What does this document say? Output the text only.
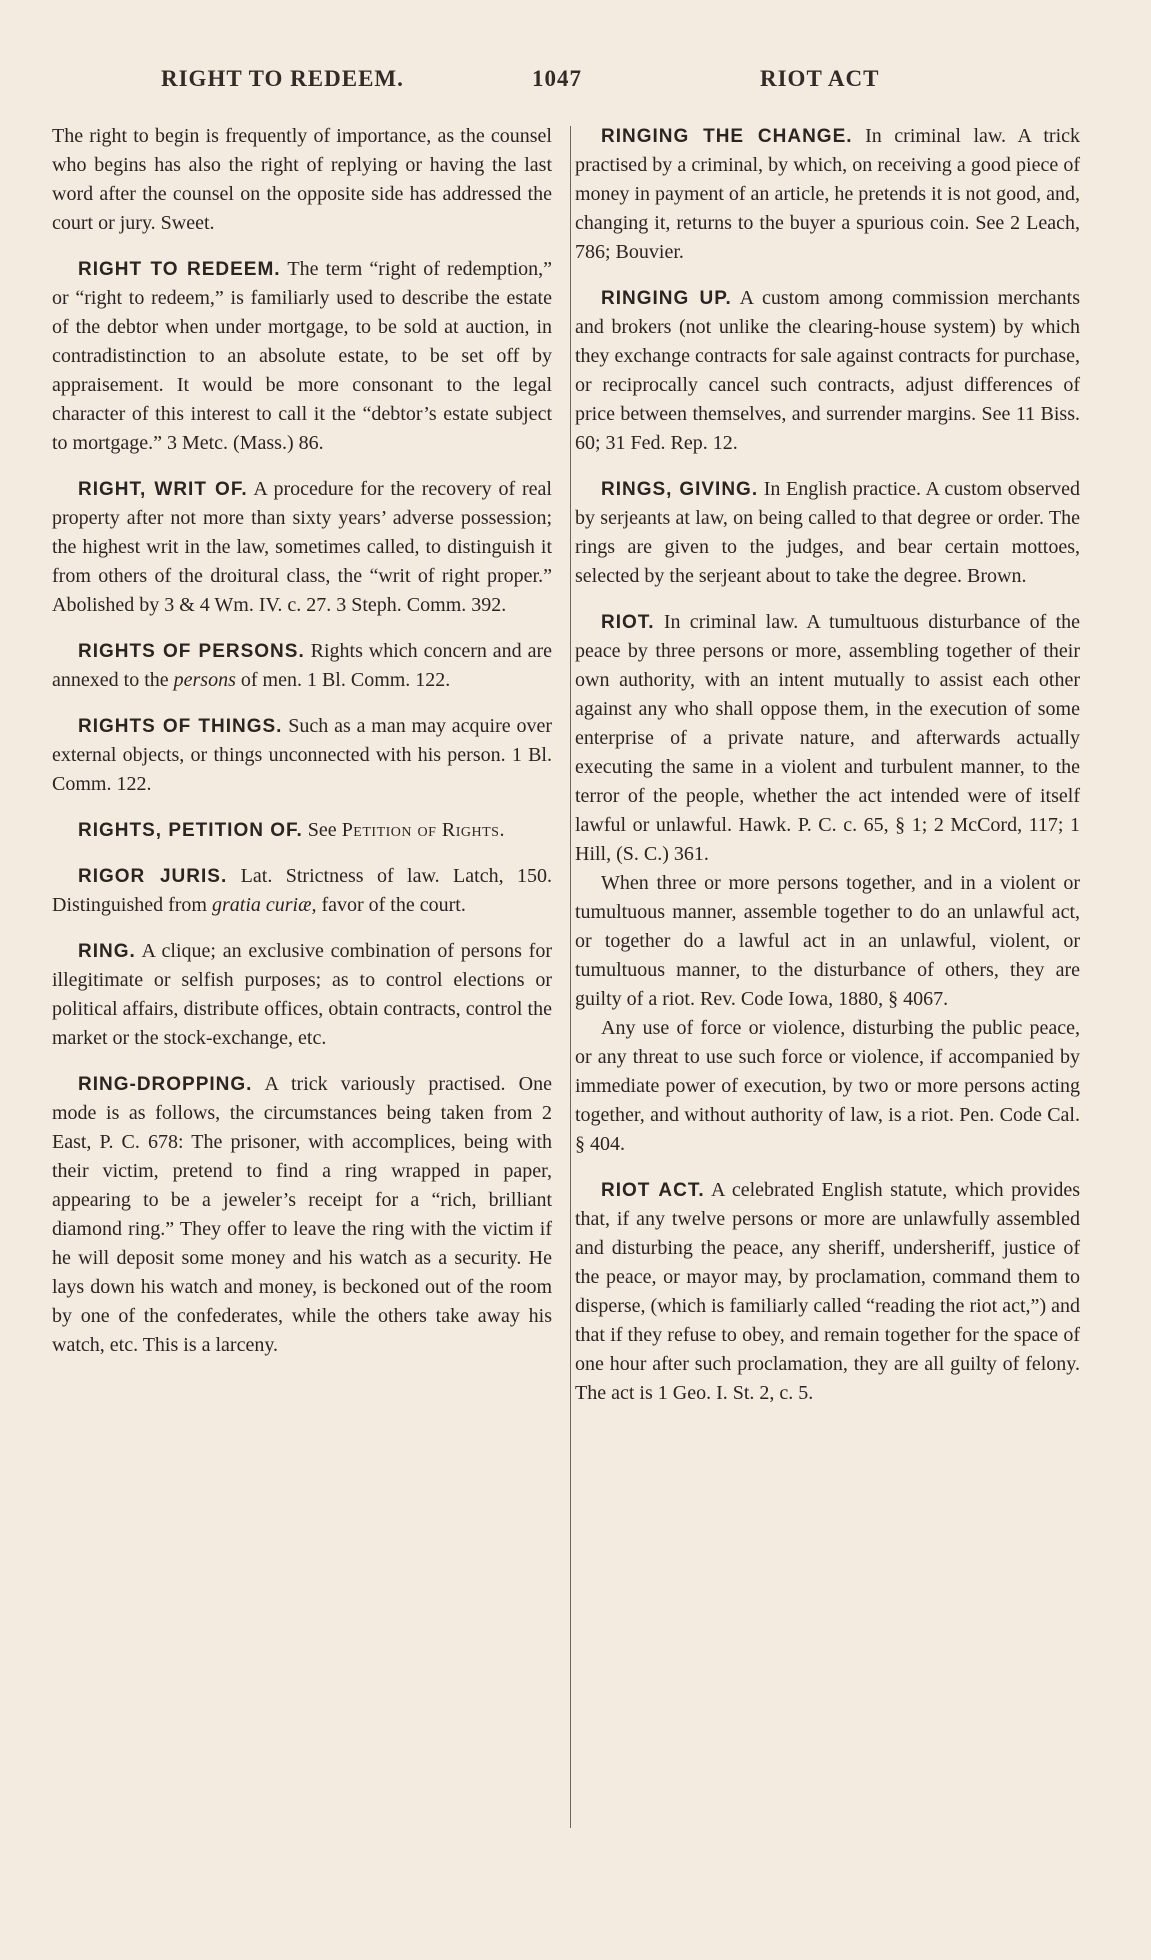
RIGHT TO REDEEM.	1047	RIOT ACT

The right to begin is frequently of importance, as the counsel who begins has also the right of replying or having the last word after the counsel on the opposite side has addressed the court or jury. Sweet.

RIGHT TO REDEEM. The term “right of redemption,” or “right to redeem,” is familiarly used to describe the estate of the debtor when under mortgage, to be sold at auction, in contradistinction to an absolute estate, to be set off by appraisement. It would be more consonant to the legal character of this interest to call it the “debtor’s estate subject to mortgage.” 3 Metc. (Mass.) 86.

RIGHT, WRIT OF. A procedure for the recovery of real property after not more than sixty years’ adverse possession; the highest writ in the law, sometimes called, to distinguish it from others of the droitural class, the “writ of right proper.” Abolished by 3 & 4 Wm. IV. c. 27. 3 Steph. Comm. 392.

RIGHTS OF PERSONS. Rights which concern and are annexed to the persons of men. 1 Bl. Comm. 122.

RIGHTS OF THINGS. Such as a man may acquire over external objects, or things unconnected with his person. 1 Bl. Comm. 122.

RIGHTS, PETITION OF. See Petition of Rights.

RIGOR JURIS. Lat. Strictness of law. Latch, 150. Distinguished from gratia curiæ, favor of the court.

RING. A clique; an exclusive combination of persons for illegitimate or selfish purposes; as to control elections or political affairs, distribute offices, obtain contracts, control the market or the stock-exchange, etc.

RING-DROPPING. A trick variously practised. One mode is as follows, the circumstances being taken from 2 East, P. C. 678: The prisoner, with accomplices, being with their victim, pretend to find a ring wrapped in paper, appearing to be a jeweler’s receipt for a “rich, brilliant diamond ring.” They offer to leave the ring with the victim if he will deposit some money and his watch as a security. He lays down his watch and money, is beckoned out of the room by one of the confederates, while the others take away his watch, etc. This is a larceny.

RINGING THE CHANGE. In criminal law. A trick practised by a criminal, by which, on receiving a good piece of money in payment of an article, he pretends it is not good, and, changing it, returns to the buyer a spurious coin. See 2 Leach, 786; Bouvier.

RINGING UP. A custom among commission merchants and brokers (not unlike the clearing-house system) by which they exchange contracts for sale against contracts for purchase, or reciprocally cancel such contracts, adjust differences of price between themselves, and surrender margins. See 11 Biss. 60; 31 Fed. Rep. 12.

RINGS, GIVING. In English practice. A custom observed by serjeants at law, on being called to that degree or order. The rings are given to the judges, and bear certain mottoes, selected by the serjeant about to take the degree. Brown.

RIOT. In criminal law. A tumultuous disturbance of the peace by three persons or more, assembling together of their own authority, with an intent mutually to assist each other against any who shall oppose them, in the execution of some enterprise of a private nature, and afterwards actually executing the same in a violent and turbulent manner, to the terror of the people, whether the act intended were of itself lawful or unlawful. Hawk. P. C. c. 65, § 1; 2 McCord, 117; 1 Hill, (S. C.) 361.

When three or more persons together, and in a violent or tumultuous manner, assemble together to do an unlawful act, or together do a lawful act in an unlawful, violent, or tumultuous manner, to the disturbance of others, they are guilty of a riot. Rev. Code Iowa, 1880, § 4067.

Any use of force or violence, disturbing the public peace, or any threat to use such force or violence, if accompanied by immediate power of execution, by two or more persons acting together, and without authority of law, is a riot. Pen. Code Cal. § 404.

RIOT ACT. A celebrated English statute, which provides that, if any twelve persons or more are unlawfully assembled and disturbing the peace, any sheriff, undersheriff, justice of the peace, or mayor may, by proclamation, command them to disperse, (which is familiarly called “reading the riot act,”) and that if they refuse to obey, and remain together for the space of one hour after such proclamation, they are all guilty of felony. The act is 1 Geo. I. St. 2, c. 5.
